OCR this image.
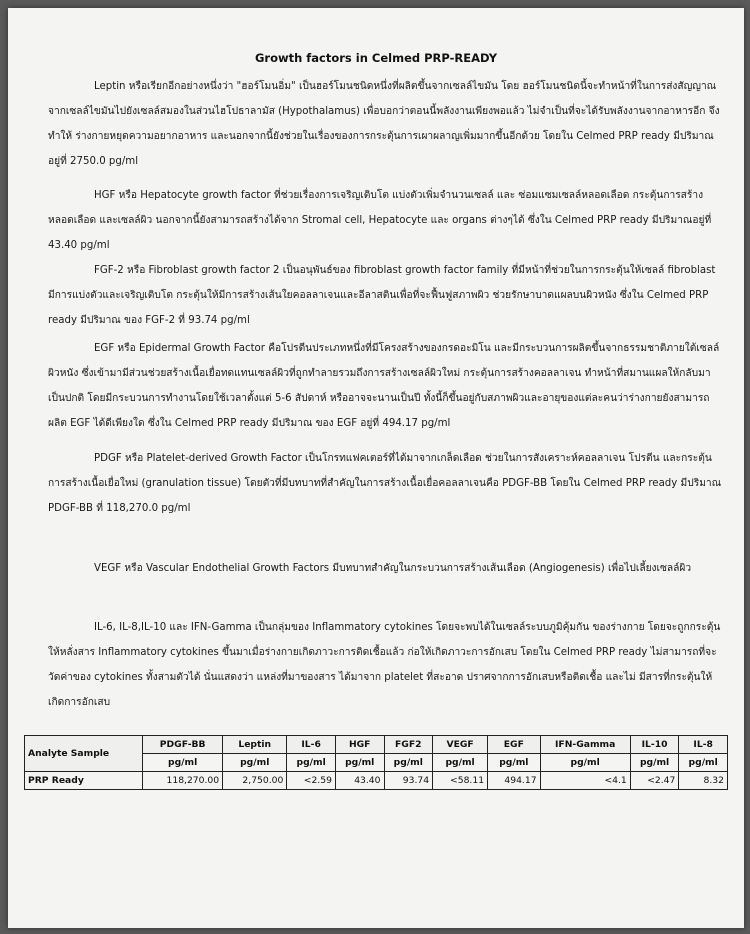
Growth factors in Celmed PRP-READY
Leptin หรือเรียกอีกอย่างหนึ่งว่า "ฮอร์โมนอิ่ม" เป็นฮอร์โมนชนิดหนึ่งที่ผลิตขึ้นจากเซลล์ไขมัน โดย ฮอร์โมนชนิดนี้จะทำหน้าที่ในการส่งสัญญาณจากเซลล์ไขมันไปยังเซลล์สมองในส่วนไฮโปธาลามัส (Hypothalamus) เพื่อบอกว่าตอนนี้พลังงานเพียงพอแล้ว ไม่จำเป็นที่จะได้รับพลังงานจากอาหารอีก จึงทำให้ ร่างกายหยุดความอยากอาหาร และนอกจากนี้ยังช่วยในเรื่องของการกระตุ้นการเผาผลาญเพิ่มมากขึ้นอีกด้วย โดยใน Celmed PRP ready มีปริมาณอยู่ที่ 2750.0 pg/ml
HGF หรือ Hepatocyte growth factor ที่ช่วยเรื่องการเจริญเติบโต แบ่งตัวเพิ่มจำนวนเซลล์ และ ซ่อมแซมเซลล์หลอดเลือด กระตุ้นการสร้างหลอดเลือด และเซลล์ผิว นอกจากนี้ยังสามารถสร้างได้จาก Stromal cell, Hepatocyte และ organs ต่างๆได้ ซึ่งใน Celmed PRP ready มีปริมาณอยู่ที่ 43.40 pg/ml
FGF-2 หรือ Fibroblast growth factor 2 เป็นอนุพันธ์ของ fibroblast growth factor family ที่มีหน้าที่ช่วยในการกระตุ้นให้เซลล์ fibroblast มีการแบ่งตัวและเจริญเติบโต กระตุ้นให้มีการสร้างเส้นใยคอลลาเจนและอีลาสตินเพื่อที่จะฟื้นฟูสภาพผิว ช่วยรักษาบาดแผลบนผิวหนัง ซึ่งใน Celmed PRP ready มีปริมาณ ของ FGF-2 ที่ 93.74 pg/ml
EGF หรือ Epidermal Growth Factor คือโปรตีนประเภทหนึ่งที่มีโครงสร้างของกรดอะมิโน และมีกระบวนการผลิตขึ้นจากธรรมชาติภายใต้เซลล์ผิวหนัง ซึ่งเข้ามามีส่วนช่วยสร้างเนื้อเยื่อทดแทนเซลล์ผิวที่ถูกทำลายรวมถึงการสร้างเซลล์ผิวใหม่ กระตุ้นการสร้างคอลลาเจน ทำหน้าที่สมานแผลให้กลับมาเป็นปกติ โดยมีกระบวนการทำงานโดยใช้เวลาตั้งแต่ 5-6 สัปดาห์ หรืออาจจะนานเป็นปี ทั้งนี้ก็ขึ้นอยู่กับสภาพผิวและอายุของแต่ละคนว่าร่างกายยังสามารถผลิต EGF ได้ดีเพียงใด ซึ่งใน Celmed PRP ready มีปริมาณ ของ EGF อยู่ที่ 494.17 pg/ml
PDGF หรือ Platelet-derived Growth Factor เป็นโกรทแฟคเตอร์ที่ได้มาจากเกล็ดเลือด ช่วยในการสังเคราะห์คอลลาเจน โปรตีน และกระตุ้นการสร้างเนื้อเยื่อใหม่ (granulation tissue) โดยตัวที่มีบทบาทที่สำคัญในการสร้างเนื้อเยื่อคอลลาเจนคือ PDGF-BB โดยใน Celmed PRP ready มีปริมาณ PDGF-BB ที่ 118,270.0 pg/ml
VEGF หรือ Vascular Endothelial Growth Factors มีบทบาทสำคัญในกระบวนการสร้างเส้นเลือด (Angiogenesis) เพื่อไปเลี้ยงเซลล์ผิว
IL-6, IL-8,IL-10 และ IFN-Gamma เป็นกลุ่มของ Inflammatory cytokines โดยจะพบได้ในเซลล์ระบบภูมิคุ้มกัน ของร่างกาย โดยจะถูกกระตุ้นให้หลั่งสาร Inflammatory cytokines ขึ้นมาเมื่อร่างกายเกิดภาวะการติดเชื้อแล้ว ก่อให้เกิดภาวะการอักเสบ โดยใน Celmed PRP ready ไม่สามารถที่จะวัดค่าของ cytokines ทั้งสามตัวได้ นั่นแสดงว่า แหล่งที่มาของสาร ได้มาจาก platelet ที่สะอาด ปราศจากการอักเสบหรือติดเชื้อ และไม่ มีสารที่กระตุ้นให้เกิดการอักเสบ
Analyte Sample	PDGF-BB	Leptin	IL-6	HGF	FGF2	VEGF	EGF	IFN-Gamma	IL-10	IL-8
	pg/ml	pg/ml	pg/ml	pg/ml	pg/ml	pg/ml	pg/ml	pg/ml	pg/ml	pg/ml
PRP Ready	118,270.00	2,750.00	<2.59	43.40	93.74	<58.11	494.17	<4.1	<2.47	8.32
